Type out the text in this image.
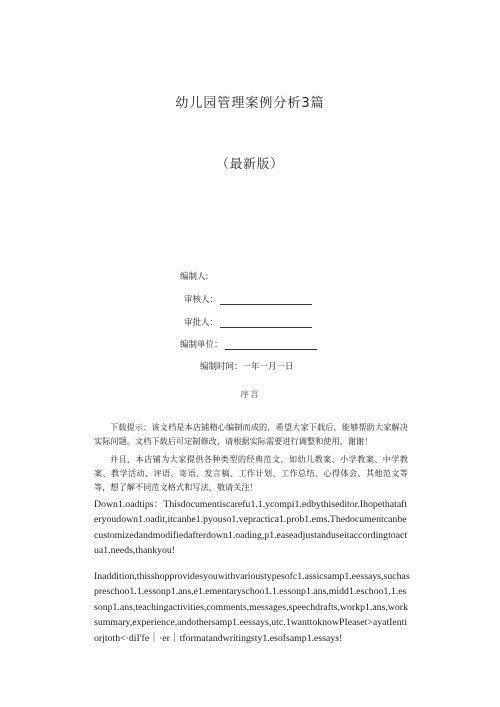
幼儿园管理案例分析3篇
（最新版）
编制人:
审核人：
审批人：
编制单位：
编制时间：一年一月一日
序言
下载提示：该文档是本店铺精心编制而成的，希望大家下载后，能够帮助大家解决实际问题。文档下载后可定制修改，请根据实际需要进行调整和使用，谢谢！
并且，本店铺为大家提供各种类型的经典范文，如幼儿教案、小学教案、中学教案、教学活动、评语、寄语、发言稿、工作计划、工作总结、心得体会、其他范文等等，想了解不同范文格式和写法，敬请关注！
Down1.oadtips：Thisdocumentiscarefu1.1.ycompi1.edbythiseditor.Ihopethatafteryoudown1.oadit,itcanhe1.pyouso1.vepractica1.prob1.ems.Thedocumentcanbecustomizedandmodifiedafterdown1.oading,p1.easeadjustanduseitaccordingtoactua1.needs,thankyou!
Inaddition,thisshopprovidesyouwithvarioustypesofc1.assicsamp1.eessays,suchaspreschoo1.1.essonp1.ans,e1.ementaryschoo1.1.essonp1.ans,midd1.eschoo1.1.essonp1.ans,teachingactivities,comments,messages,speechdrafts,workp1.ans,worksummary,experience,andothersamp1.eessays,utc.1wanttoknowPIeaset>ayatIentiorjtoth<·diI'fe｜·er｜tformatandwritingsty1.esofsamp1.essays!
